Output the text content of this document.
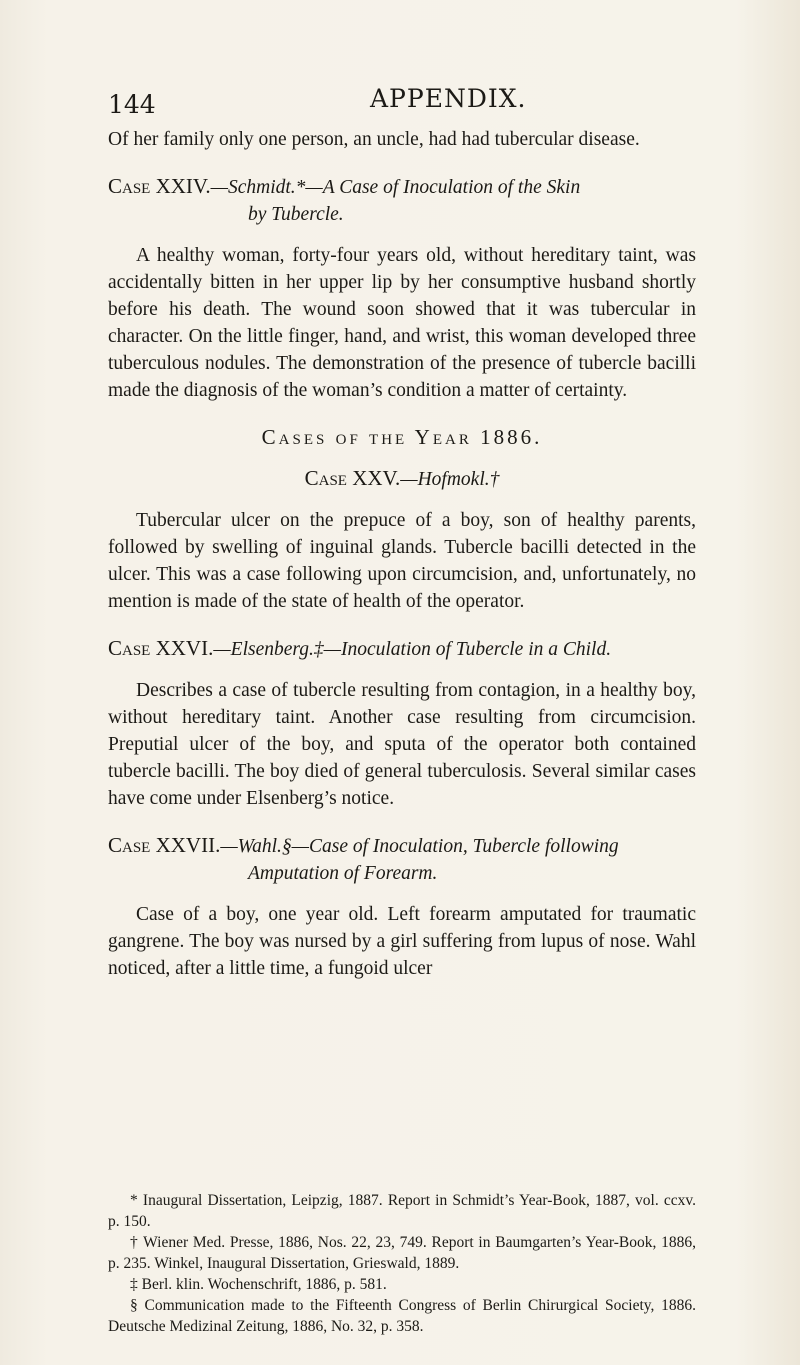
144	APPENDIX.

Of her family only one person, an uncle, had had tubercular disease.

Case XXIV.—Schmidt.*—A Case of Inoculation of the Skin

by Tubercle.

A healthy woman, forty-four years old, without hereditary taint, was accidentally bitten in her upper lip by her consumptive husband shortly before his death. The wound soon showed that it was tubercular in character. On the little finger, hand, and wrist, this woman developed three tuberculous nodules. The demonstration of the presence of tubercle bacilli made the diagnosis of the woman’s condition a matter of certainty.

Cases of the Year 1886.

Case XXV.—Hofmokl.†

Tubercular ulcer on the prepuce of a boy, son of healthy parents, followed by swelling of inguinal glands. Tubercle bacilli detected in the ulcer. This was a case following upon circumcision, and, unfortunately, no mention is made of the state of health of the operator.

Case XXVI.—Elsenberg.‡—Inoculation of Tubercle in a Child.

Describes a case of tubercle resulting from contagion, in a healthy boy, without hereditary taint. Another case resulting from circumcision. Preputial ulcer of the boy, and sputa of the operator both contained tubercle bacilli. The boy died of general tuberculosis. Several similar cases have come under Elsenberg’s notice.

Case XXVII.—Wahl.§—Case of Inoculation, Tubercle following

Amputation of Forearm.

Case of a boy, one year old. Left forearm amputated for traumatic gangrene. The boy was nursed by a girl suffering from lupus of nose. Wahl noticed, after a little time, a fungoid ulcer

* Inaugural Dissertation, Leipzig, 1887. Report in Schmidt’s Year-Book, 1887, vol. ccxv. p. 150.

† Wiener Med. Presse, 1886, Nos. 22, 23, 749. Report in Baumgarten’s Year-Book, 1886, p. 235. Winkel, Inaugural Dissertation, Grieswald, 1889.

‡ Berl. klin. Wochenschrift, 1886, p. 581.

§ Communication made to the Fifteenth Congress of Berlin Chirurgical Society, 1886. Deutsche Medizinal Zeitung, 1886, No. 32, p. 358.
